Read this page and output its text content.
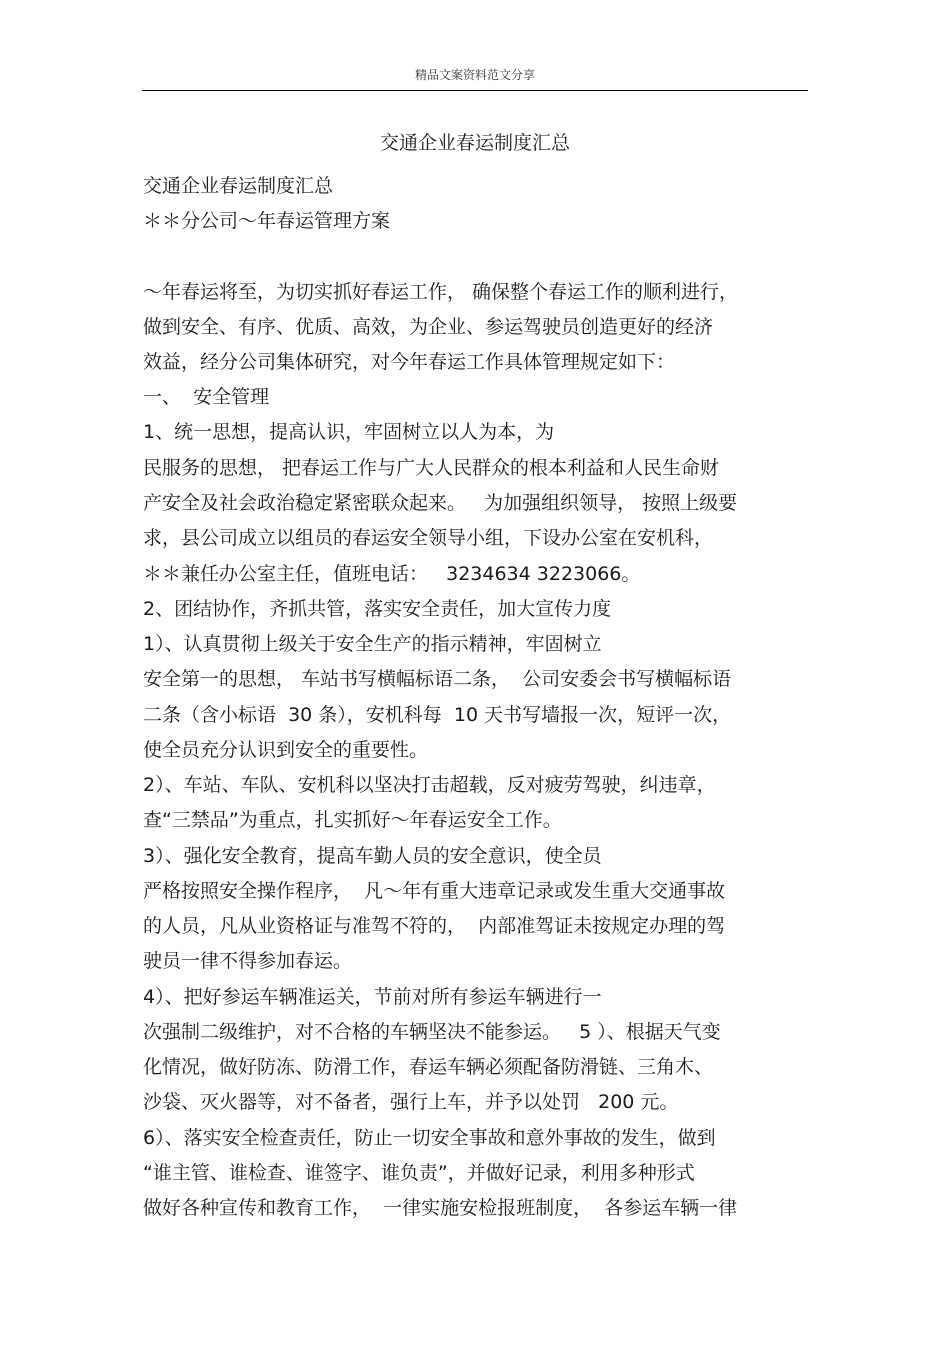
精品文案资料范文分享
交通企业春运制度汇总
交通企业春运制度汇总
＊＊分公司～年春运管理方案
～年春运将至，为切实抓好春运工作， 确保整个春运工作的顺利进行，
做到安全、有序、优质、高效，为企业、参运驾驶员创造更好的经济
效益，经分公司集体研究，对今年春运工作具体管理规定如下：
一、  安全管理
1、统一思想，提高认识，牢固树立以人为本，为
民服务的思想， 把春运工作与广大人民群众的根本利益和人民生命财
产安全及社会政治稳定紧密联众起来。   为加强组织领导， 按照上级要
求，县公司成立以组员的春运安全领导小组，下设办公室在安机科，
＊＊兼任办公室主任，值班电话：   3234634 3223066。
2、团结协作，齐抓共管，落实安全责任，加大宣传力度
1）、认真贯彻上级关于安全生产的指示精神，牢固树立
安全第一的思想， 车站书写横幅标语二条，  公司安委会书写横幅标语
二条（含小标语  30 条），安机科每  10 天书写墙报一次，短评一次，
使全员充分认识到安全的重要性。
2）、车站、车队、安机科以坚决打击超载，反对疲劳驾驶，纠违章，
查“三禁品”为重点，扎实抓好～年春运安全工作。
3）、强化安全教育，提高车勤人员的安全意识，使全员
严格按照安全操作程序，  凡～年有重大违章记录或发生重大交通事故
的人员，凡从业资格证与准驾不符的，  内部准驾证未按规定办理的驾
驶员一律不得参加春运。
4）、把好参运车辆准运关，节前对所有参运车辆进行一
次强制二级维护，对不合格的车辆坚决不能参运。   5 ）、根据天气变
化情况，做好防冻、防滑工作，春运车辆必须配备防滑链、三角木、
沙袋、灭火器等，对不备者，强行上车，并予以处罚   200 元。
6）、落实安全检查责任，防止一切安全事故和意外事故的发生，做到
“谁主管、谁检查、谁签字、谁负责”，并做好记录，利用多种形式
做好各种宣传和教育工作，  一律实施安检报班制度，  各参运车辆一律
